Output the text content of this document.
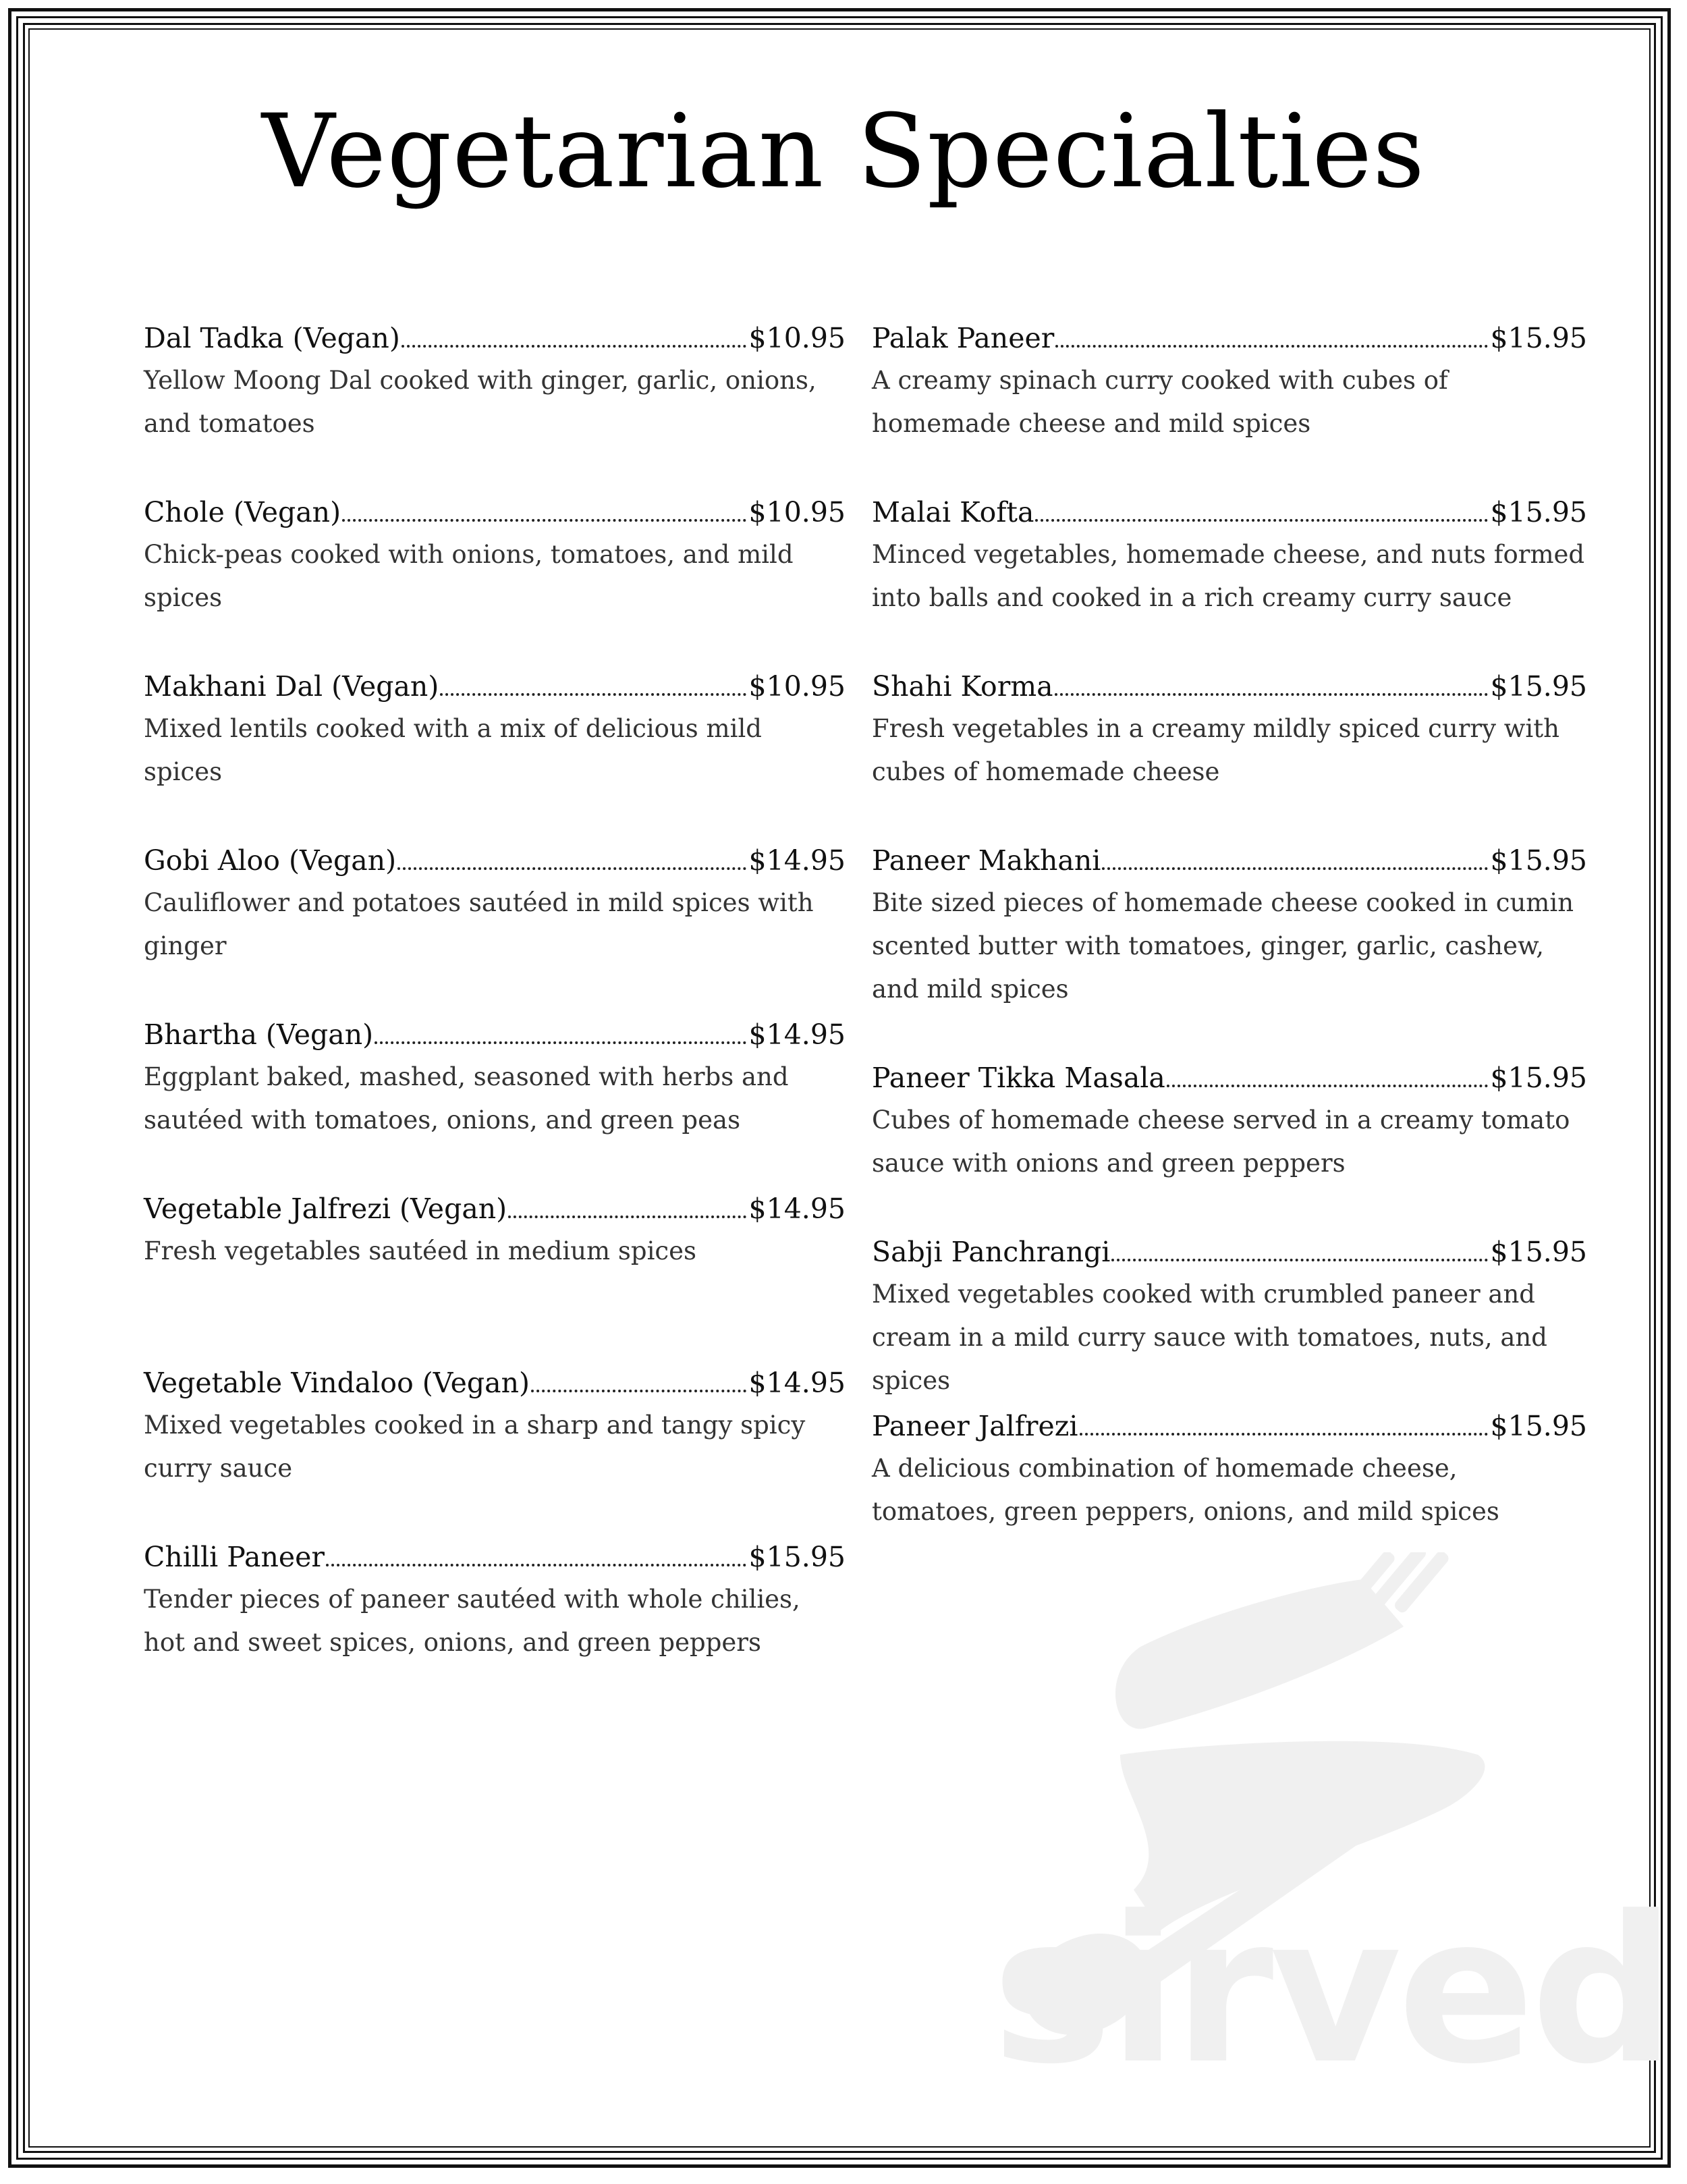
Vegetarian Specialties
Dal Tadka (Vegan)	$10.95
Yellow Moong Dal cooked with ginger, garlic, onions, and tomatoes
Chole (Vegan)	$10.95
Chick-peas cooked with onions, tomatoes, and mild spices
Makhani Dal (Vegan)	$10.95
Mixed lentils cooked with a mix of delicious mild spices
Gobi Aloo (Vegan)	$14.95
Cauliflower and potatoes sautéed in mild spices with ginger
Bhartha (Vegan)	$14.95
Eggplant baked, mashed, seasoned with herbs and sautéed with tomatoes, onions, and green peas
Vegetable Jalfrezi (Vegan)	$14.95
Fresh vegetables sautéed in medium spices
Vegetable Vindaloo (Vegan)	$14.95
Mixed vegetables cooked in a sharp and tangy spicy curry sauce
Chilli Paneer	$15.95
Tender pieces of paneer sautéed with whole chilies, hot and sweet spices, onions, and green peppers
Palak Paneer	$15.95
A creamy spinach curry cooked with cubes of homemade cheese and mild spices
Malai Kofta	$15.95
Minced vegetables, homemade cheese, and nuts formed into balls and cooked in a rich creamy curry sauce
Shahi Korma	$15.95
Fresh vegetables in a creamy mildly spiced curry with cubes of homemade cheese
Paneer Makhani	$15.95
Bite sized pieces of homemade cheese cooked in cumin scented butter with tomatoes, ginger, garlic, cashew, and mild spices
Paneer Tikka Masala	$15.95
Cubes of homemade cheese served in a creamy tomato sauce with onions and green peppers
Sabji Panchrangi	$15.95
Mixed vegetables cooked with crumbled paneer and cream in a mild curry sauce with tomatoes, nuts, and spices
Paneer Jalfrezi	$15.95
A delicious combination of homemade cheese, tomatoes, green peppers, onions, and mild spices
sirved
